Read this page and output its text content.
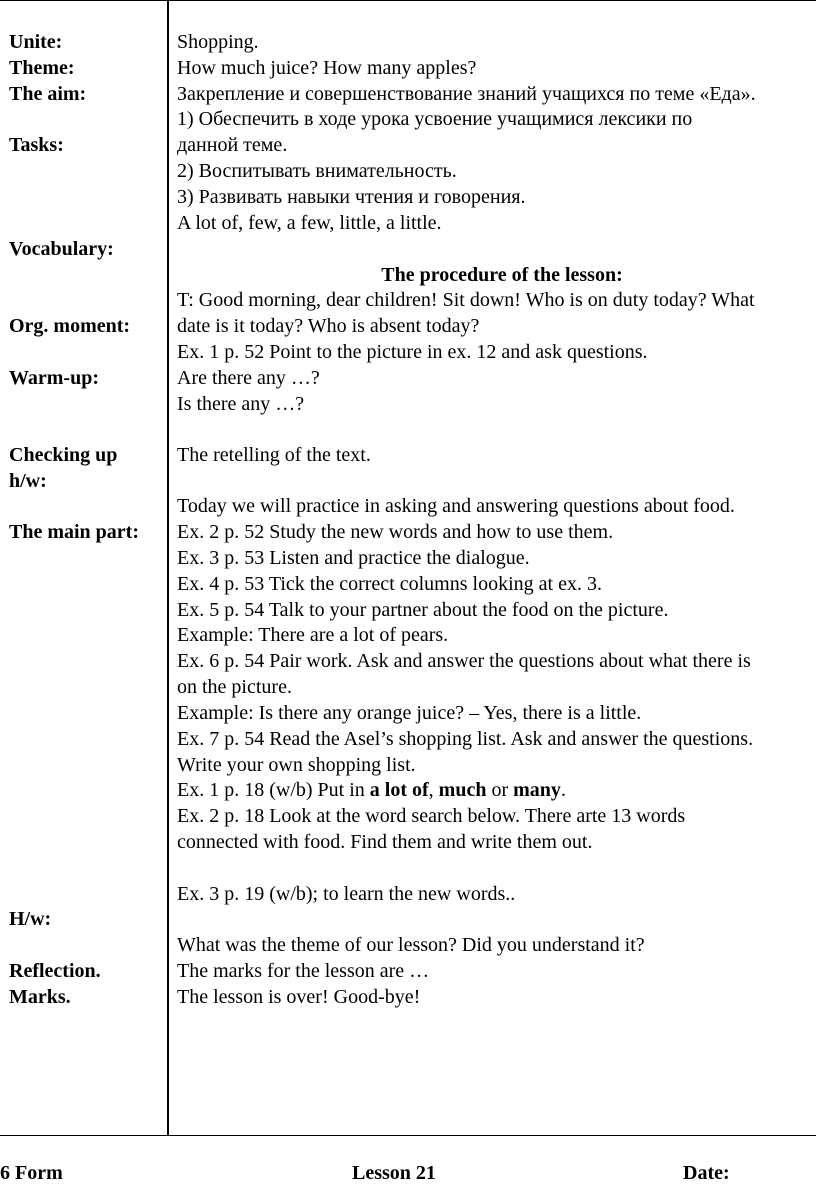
Unite:
Theme:
The aim:
Tasks:
Vocabulary:
Org. moment:
Warm-up:
Checking up
h/w:
The main part:
H/w:
Reflection.
Marks.
Shopping.
How much juice? How many apples?
Закрепление и совершенствование знаний учащихся по теме «Еда».
1) Обеспечить в ходе урока усвоение учащимися лексики по
данной теме.
2) Воспитывать внимательность.
3) Развивать навыки чтения и говорения.
A lot of, few, a few, little, a little.
The procedure of the lesson:
T: Good morning, dear children! Sit down! Who is on duty today? What
date is it today? Who is absent today?
Ex. 1 p. 52 Point to the picture in ex. 12 and ask questions.
Are there any …?
Is there any …?
The retelling of the text.
Today we will practice in asking and answering questions about food.
Ex. 2 p. 52 Study the new words and how to use them.
Ex. 3 p. 53 Listen and practice the dialogue.
Ex. 4 p. 53 Tick the correct columns looking at ex. 3.
Ex. 5 p. 54 Talk to your partner about the food on the picture.
Example: There are a lot of pears.
Ex. 6 p. 54 Pair work. Ask and answer the questions about what there is
on the picture.
Example: Is there any orange juice? – Yes, there is a little.
Ex. 7 p. 54 Read the Asel’s shopping list. Ask and answer the questions.
Write your own shopping list.
Ex. 1 p. 18 (w/b) Put in a lot of, much or many.
Ex. 2 p. 18 Look at the word search below. There arte 13 words
connected with food. Find them and write them out.
Ex. 3 p. 19 (w/b); to learn the new words..
What was the theme of our lesson? Did you understand it?
The marks for the lesson are …
The lesson is over! Good-bye!
6 Form	Lesson 21	Date:
